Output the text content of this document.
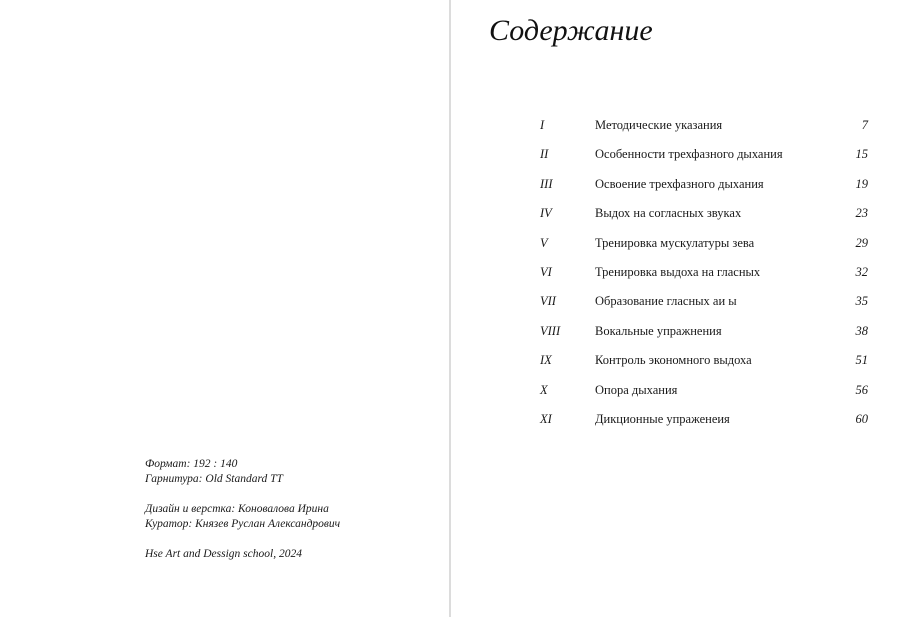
Формат: 192 : 140
Гарнитура: Old Standard TT
Дизайн и верстка: Коновалова Ирина
Куратор: Князев Руслан Александрович
Hse Art and Dessign school, 2024
Содержание
I	Методические указания	7
II	Особенности трехфазного дыхания	15
III	Освоение трехфазного дыхания	19
IV	Выдох на согласных звуках	23
V	Тренировка мускулатуры зева	29
VI	Тренировка выдоха на гласных	32
VII	Образование гласных аи ы	35
VIII	Вокальные упражнения	38
IX	Контроль экономного выдоха	51
X	Опора дыхания	56
XI	Дикционные упраженеия	60
